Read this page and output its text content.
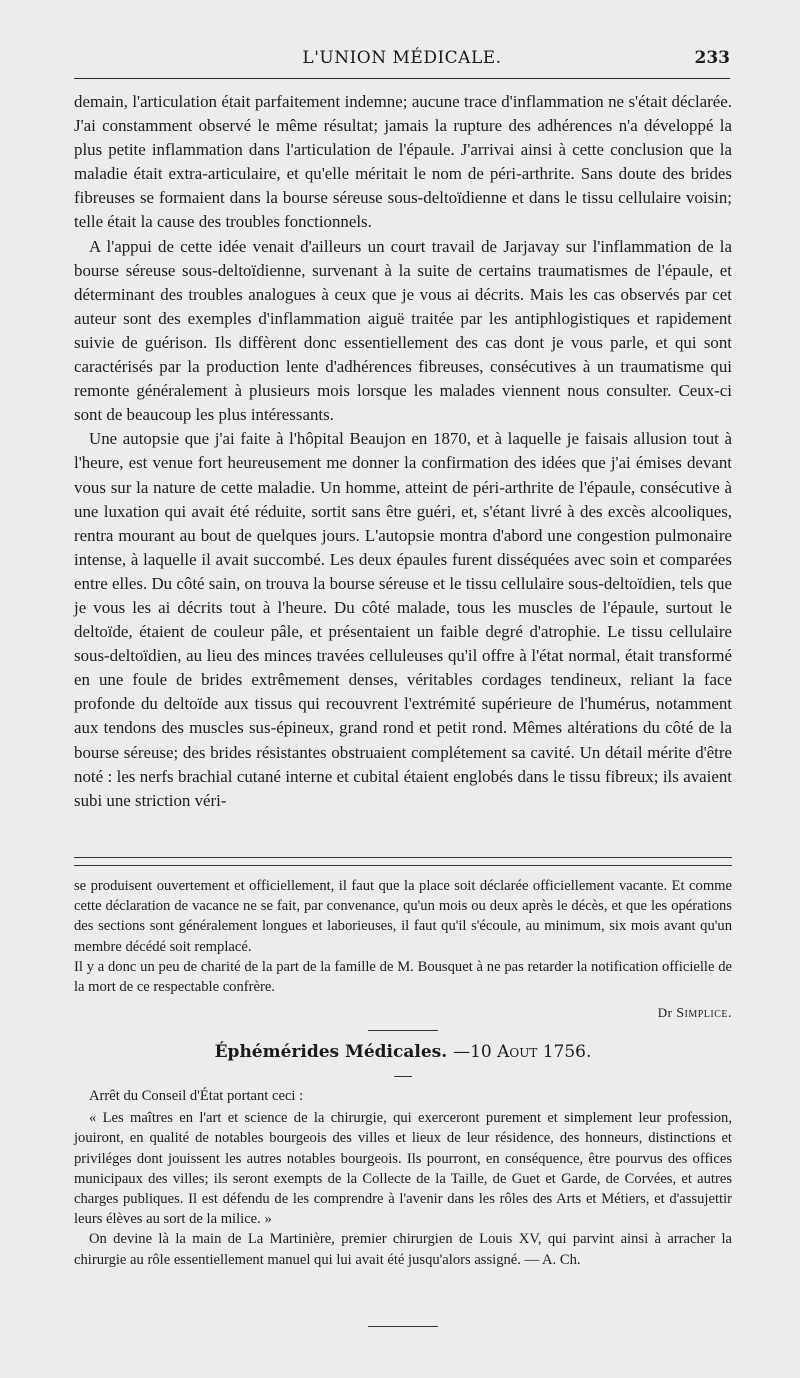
L'UNION MÉDICALE.	233

demain, l'articulation était parfaitement indemne; aucune trace d'inflammation ne s'était déclarée. J'ai constamment observé le même résultat; jamais la rupture des adhérences n'a développé la plus petite inflammation dans l'articulation de l'épaule. J'arrivai ainsi à cette conclusion que la maladie était extra-articulaire, et qu'elle méritait le nom de péri-arthrite. Sans doute des brides fibreuses se formaient dans la bourse séreuse sous-deltoïdienne et dans le tissu cellulaire voisin; telle était la cause des troubles fonctionnels.

A l'appui de cette idée venait d'ailleurs un court travail de Jarjavay sur l'inflammation de la bourse séreuse sous-deltoïdienne, survenant à la suite de certains traumatismes de l'épaule, et déterminant des troubles analogues à ceux que je vous ai décrits. Mais les cas observés par cet auteur sont des exemples d'inflammation aiguë traitée par les antiphlogistiques et rapidement suivie de guérison. Ils diffèrent donc essentiellement des cas dont je vous parle, et qui sont caractérisés par la production lente d'adhérences fibreuses, consécutives à un traumatisme qui remonte généralement à plusieurs mois lorsque les malades viennent nous consulter. Ceux-ci sont de beaucoup les plus intéressants.

Une autopsie que j'ai faite à l'hôpital Beaujon en 1870, et à laquelle je faisais allusion tout à l'heure, est venue fort heureusement me donner la confirmation des idées que j'ai émises devant vous sur la nature de cette maladie. Un homme, atteint de péri-arthrite de l'épaule, consécutive à une luxation qui avait été réduite, sortit sans être guéri, et, s'étant livré à des excès alcooliques, rentra mourant au bout de quelques jours. L'autopsie montra d'abord une congestion pulmonaire intense, à laquelle il avait succombé. Les deux épaules furent disséquées avec soin et comparées entre elles. Du côté sain, on trouva la bourse séreuse et le tissu cellulaire sous-deltoïdien, tels que je vous les ai décrits tout à l'heure. Du côté malade, tous les muscles de l'épaule, surtout le deltoïde, étaient de couleur pâle, et présentaient un faible degré d'atrophie. Le tissu cellulaire sous-deltoïdien, au lieu des minces travées celluleuses qu'il offre à l'état normal, était transformé en une foule de brides extrêmement denses, véritables cordages tendineux, reliant la face profonde du deltoïde aux tissus qui recouvrent l'extrémité supérieure de l'humérus, notamment aux tendons des muscles sus-épineux, grand rond et petit rond. Mêmes altérations du côté de la bourse séreuse; des brides résistantes obstruaient complétement sa cavité. Un détail mérite d'être noté : les nerfs brachial cutané interne et cubital étaient englobés dans le tissu fibreux; ils avaient subi une striction véri-

se produisent ouvertement et officiellement, il faut que la place soit déclarée officiellement vacante. Et comme cette déclaration de vacance ne se fait, par convenance, qu'un mois ou deux après le décès, et que les opérations des sections sont généralement longues et laborieuses, il faut qu'il s'écoule, au minimum, six mois avant qu'un membre décédé soit remplacé.

Il y a donc un peu de charité de la part de la famille de M. Bousquet à ne pas retarder la notification officielle de la mort de ce respectable confrère.

Dr Simplice.
Éphémérides Médicales. —10 Aout 1756.

Arrêt du Conseil d'État portant ceci :

« Les maîtres en l'art et science de la chirurgie, qui exerceront purement et simplement leur profession, jouiront, en qualité de notables bourgeois des villes et lieux de leur résidence, des honneurs, distinctions et priviléges dont jouissent les autres notables bourgeois. Ils pourront, en conséquence, être pourvus des offices municipaux des villes; ils seront exempts de la Collecte de la Taille, de Guet et Garde, de Corvées, et autres charges publiques. Il est défendu de les comprendre à l'avenir dans les rôles des Arts et Métiers, et d'assujettir leurs élèves au sort de la milice. »

On devine là la main de La Martinière, premier chirurgien de Louis XV, qui parvint ainsi à arracher la chirurgie au rôle essentiellement manuel qui lui avait été jusqu'alors assigné. — A. Ch.
